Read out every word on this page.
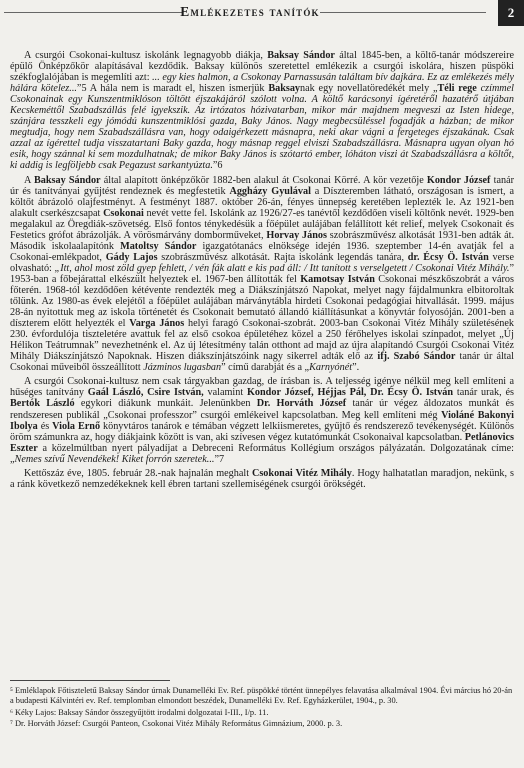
Emlékezetes tanítók	2

A csurgói Csokonai-kultusz iskolánk legnagyobb diákja, Baksay Sándor által 1845-ben, a költő-tanár módszereire épülő Önképzőkör alapításával kezdődik. Baksay különös szeretettel emlékezik a csurgói iskolára, hiszen püspöki székfoglalójában is megemlíti azt: ... egy kies halmon, a Csokonay Parnassusán találtam bív dajkára. Ez az emlékezés mély hálára kötelez...”5 A hála nem is maradt el, hiszen ismerjük Baksaynak egy novellatöredékét mely „Téli rege czímmel Csokonainak egy Kunszentmiklóson töltött éjszakájáról szólott volna. A költő karácsonyi ígéretéről hazatérő útjában Kecskeméttől Szabadszállás felé igyekszik. Az irtózatos hózivatarban, mikor már majdnem megveszi az Isten hidege, szánjára tesszkeli egy jómódú kunszentmiklósi gazda, Baky János. Nagy megbecsüléssel fogadják a házban; de mikor megtudja, hogy nem Szabadszállásra van, hogy odaigérkezett másnapra, neki akar vágni a fergeteges éjszakának. Csak azzal az ígérettel tudja visszatartani Baky gazda, hogy másnap reggel elviszi Szabadszállásra. Másnapra ugyan olyan hó esik, hogy szánnal ki sem mozdulhatnak; de mikor Baky János is szótartó ember, lóháton viszi át Szabadszállásra a költőt, ki addig is legföljebb csak Pegazust sarkantyúzta.”6

A Baksay Sándor által alapított önképzőkör 1882-ben alakul át Csokonai Körré. A kör vezetője Kondor József tanár úr és tanítványai gyűjtést rendeznek és megfestetik Aggházy Gyulával a Díszteremben látható, országosan is ismert, a költőt ábrázoló olajfestményt. A festményt 1887. október 26-án, fényes ünnepség keretében leplezték le. Az 1921-ben alakult cserkészcsapat Csokonai nevét vette fel. Iskolánk az 1926/27-es tanévtől kezdődően viseli költőnk nevét. 1929-ben megalakul az Öregdiák-szövetség. Első fontos ténykedésük a főépület aulájában felállított két relief, melyek Csokonait és Festetics grófot ábrázolják. A vörösmárvány domborműveket, Horvay János szobrászművész alkotását 1931-ben adták át. Második iskolaalapítónk Matoltsy Sándor igazgatótanács elnöksége idején 1936. szeptember 14-én avatják fel a Csokonai-emlékpadot, Gády Lajos szobrászművész alkotását. Rajta iskolánk legendás tanára, dr. Écsy Ö. István verse olvasható: „Itt, ahol most zöld gyep fehlett, / vén fák alatt e kis pad áll: / Itt tanított s verselgetett / Csokonai Vitéz Mihály.” 1953-ban a főbejárattal elkészült helyeztek el. 1967-ben állították fel Kamotsay István Csokonai mészkőszobrát a város főterén. 1968-tól kezdődően kétévente rendezték meg a Diákszínjátszó Napokat, melyet nagy fájdalmunkra elbitoroltak tőlünk. Az 1980-as évek elejétől a főépület aulájában márványtábla hirdeti Csokonai pedagógiai hitvallását. 1999. május 28-án nyitottuk meg az iskola történetét és Csokonait bemutató állandó kiállításunkat a könyvtár folyosóján. 2001-ben a díszterem előtt helyezték el Varga János helyi faragó Csokonai-szobrát. 2003-ban Csokonai Vitéz Mihály születésének 230. évfordulója tiszteletére avattuk fel az első csokoa épületéhez közel a 250 férőhelyes iskolai színpadot, melyet „Új Hélikon Teátrumnak” nevezhetnénk el. Az új létesítmény talán otthont ad majd az újra alapítandó Csurgói Csokonai Vitéz Mihály Diákszínjátszó Napoknak. Hiszen diákszínjátszóink nagy sikerrel adták elő az ifj. Szabó Sándor tanár úr által Csokonai műveiből összeállított Jázminos lugasban” című darabját és a „Karnyónét”.

A csurgói Csokonai-kultusz nem csak tárgyakban gazdag, de írásban is. A teljesség igénye nélkül meg kell említeni a hűséges tanítvány Gaál László, Csire István, valamint Kondor József, Héjjas Pál, Dr. Écsy Ö. István tanár urak, és Bertók László egykori diákunk munkáit. Jelenünkben Dr. Horváth József tanár úr végez áldozatos munkát és rendszeresen publikál „Csokonai professzor” csurgói emlékeivel kapcsolatban. Meg kell említeni még Violáné Bakonyi Ibolya és Viola Ernő könyvtáros tanárok e témában végzett lelkiismeretes, gyűjtő és rendszerező tevékenységét. Különös öröm számunkra az, hogy diákjaink között is van, aki szívesen végez kutatómunkát Csokonaival kapcsolatban. Petlánovics Eszter a közelmúltban nyert pályadíjat a Debreceni Református Kollégium országos pályázatán. Dolgozatának címe: „Nemes szívű Nevendékek! Kiket forrón szeretek...”7

Kettőszáz éve, 1805. február 28.-nak hajnalán meghalt Csokonai Vitéz Mihály. Hogy halhatatlan maradjon, nekünk, s a ránk következő nemzedékeknek kell ébren tartani szellemiségének csurgói örökségét.

⁵ Emléklapok Főtiszteletű Baksay Sándor úrnak Dunamelléki Ev. Ref. püspökké történt ünnepélyes felavatása alkalmával 1904. Évi március hó 20-án a budapesti Kálvintéri ev. Ref. templomban elmondott beszédek, Dunamelléki Ev. Ref. Egyházkerület, 1904., p. 30.

⁶ Kéky Lajos: Baksay Sándor összegyűjtött irodalmi dolgozatai I-III., I/p. 11.

⁷ Dr. Horváth József: Csurgói Panteon, Csokonai Vitéz Mihály Református Gimnázium, 2000. p. 3.
